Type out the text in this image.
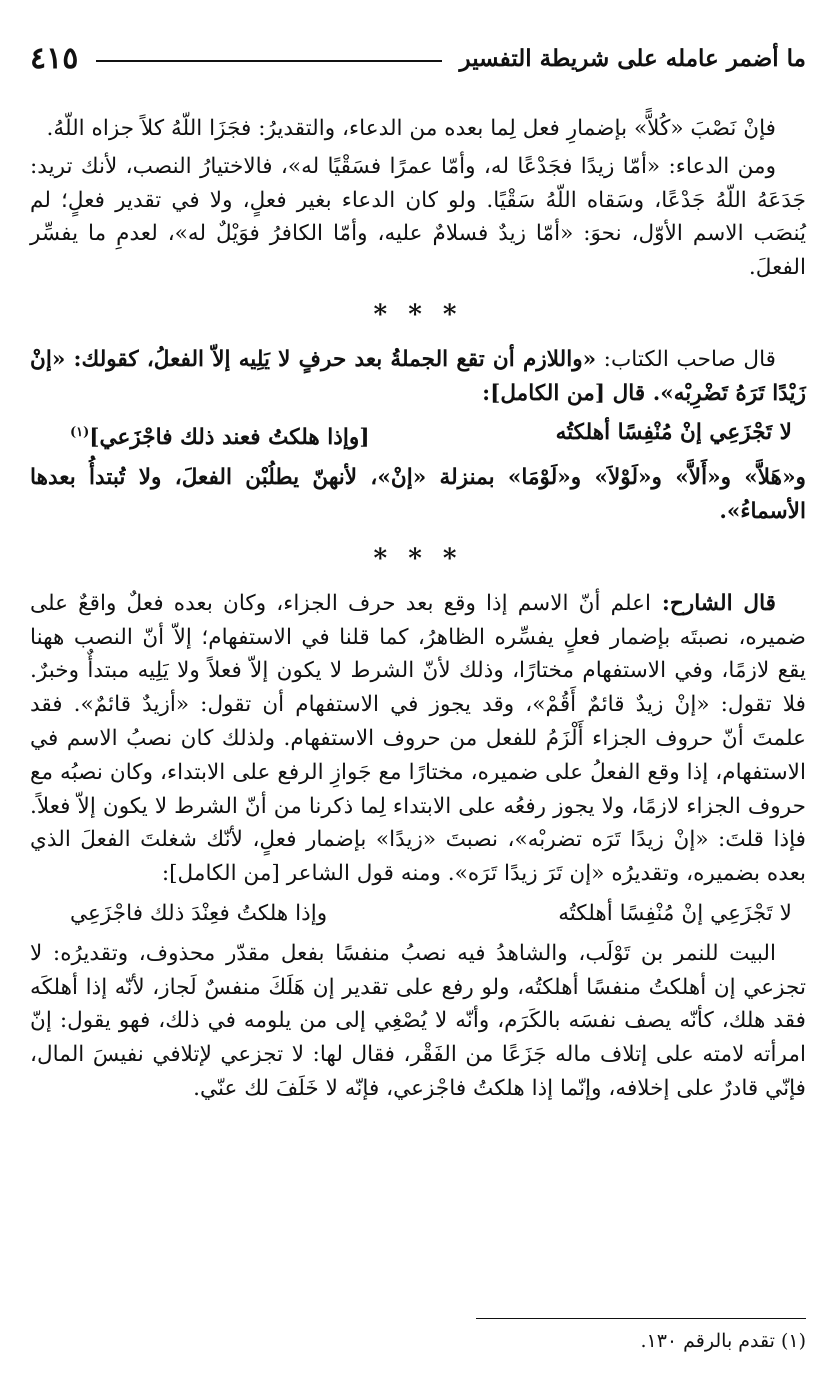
ما أضمر عامله على شريطة التفسير
٤١٥

فإنْ نَصْبَ «كُلاًّ» بإضمارِ فعل لِما بعده من الدعاء، والتقديرُ: فجَزَا اللّهُ كلاً جزاه اللّهُ.

ومن الدعاء: «أمّا زيدًا فجَدْعًا له، وأمّا عمرًا فسَقْيًا له»، فالاختيارُ النصب، لأنك تريد: جَدَعَهُ اللّهُ جَدْعًا، وسَقاه اللّهُ سَقْيًا. ولو كان الدعاء بغير فعلٍ، ولا في تقدير فعلٍ؛ لم يُنصَب الاسم الأوّل، نحوَ: «أمّا زيدٌ فسلامٌ عليه، وأمّا الكافرُ فوَيْلٌ له»، لعدمِ ما يفسِّر الفعلَ.

* * *

قال صاحب الكتاب: «واللازم أن تقع الجملةُ بعد حرفٍ لا يَلِيه إلاّ الفعلُ، كقولك: «إنْ زَيْدًا تَرَهُ تَضْرِبْه». قال [من الكامل]:

لا تَجْزَعِي إنْ مُنْفِسًا أهلكتُه
[وإذا هلكتُ فعند ذلك فاجْزَعي]$^{(١)}$

و«هَلاَّ» و«أَلاَّ» و«لَوْلاَ» و«لَوْمَا» بمنزلة «إنْ»، لأنهنّ يطلُبْن الفعلَ، ولا تُبتدأُ بعدها الأسماءُ».

* * *

قال الشارح: اعلم أنّ الاسم إذا وقع بعد حرف الجزاء، وكان بعده فعلٌ واقعٌ على ضميره، نصبتَه بإضمار فعلٍ يفسِّره الظاهرُ، كما قلنا في الاستفهام؛ إلاّ أنّ النصب ههنا يقع لازمًا، وفي الاستفهام مختارًا، وذلك لأنّ الشرط لا يكون إلاّ فعلاً ولا يَلِيه مبتدأٌ وخبرٌ. فلا تقول: «إنْ زيدٌ قائمٌ أَقُمْ»، وقد يجوز في الاستفهام أن تقول: «أزيدٌ قائمٌ». فقد علمتَ أنّ حروف الجزاء أَلْزَمُ للفعل من حروف الاستفهام. ولذلك كان نصبُ الاسم في الاستفهام، إذا وقع الفعلُ على ضميره، مختارًا مع جَوازِ الرفع على الابتداء، وكان نصبُه مع حروف الجزاء لازمًا، ولا يجوز رفعُه على الابتداء لِما ذكرنا من أنّ الشرط لا يكون إلاّ فعلاً. فإذا قلتَ: «إنْ زيدًا تَرَه تضربْه»، نصبتَ «زيدًا» بإضمار فعلٍ، لأنّك شغلتَ الفعلَ الذي بعده بضميره، وتقديرُه «إن تَرَ زيدًا تَرَه». ومنه قول الشاعر [من الكامل]:

لا تَجْزَعِي إنْ مُنْفِسًا أهلكتُه
وإذا هلكتُ فعِنْدَ ذلك فاجْزَعِي

البيت للنمر بن تَوْلَب، والشاهدُ فيه نصبُ منفسًا بفعل مقدّر محذوف، وتقديرُه: لا تجزعي إن أهلكتُ منفسًا أهلكتُه، ولو رفع على تقدير إن هَلَكَ منفسٌ لَجاز، لأنّه إذا أهلكَه فقد هلك، كأنّه يصف نفسَه بالكَرَم، وأنّه لا يُصْغِي إلى من يلومه في ذلك، فهو يقول: إنّ امرأته لامته على إتلاف ماله جَزَعًا من الفَقْر، فقال لها: لا تجزعي لإتلافي نفيسَ المال، فإنّي قادرٌ على إخلافه، وإنّما إذا هلكتُ فاجْزعي، فإنّه لا خَلَفَ لك عنّي.

(١) تقدم بالرقم ١٣٠.
